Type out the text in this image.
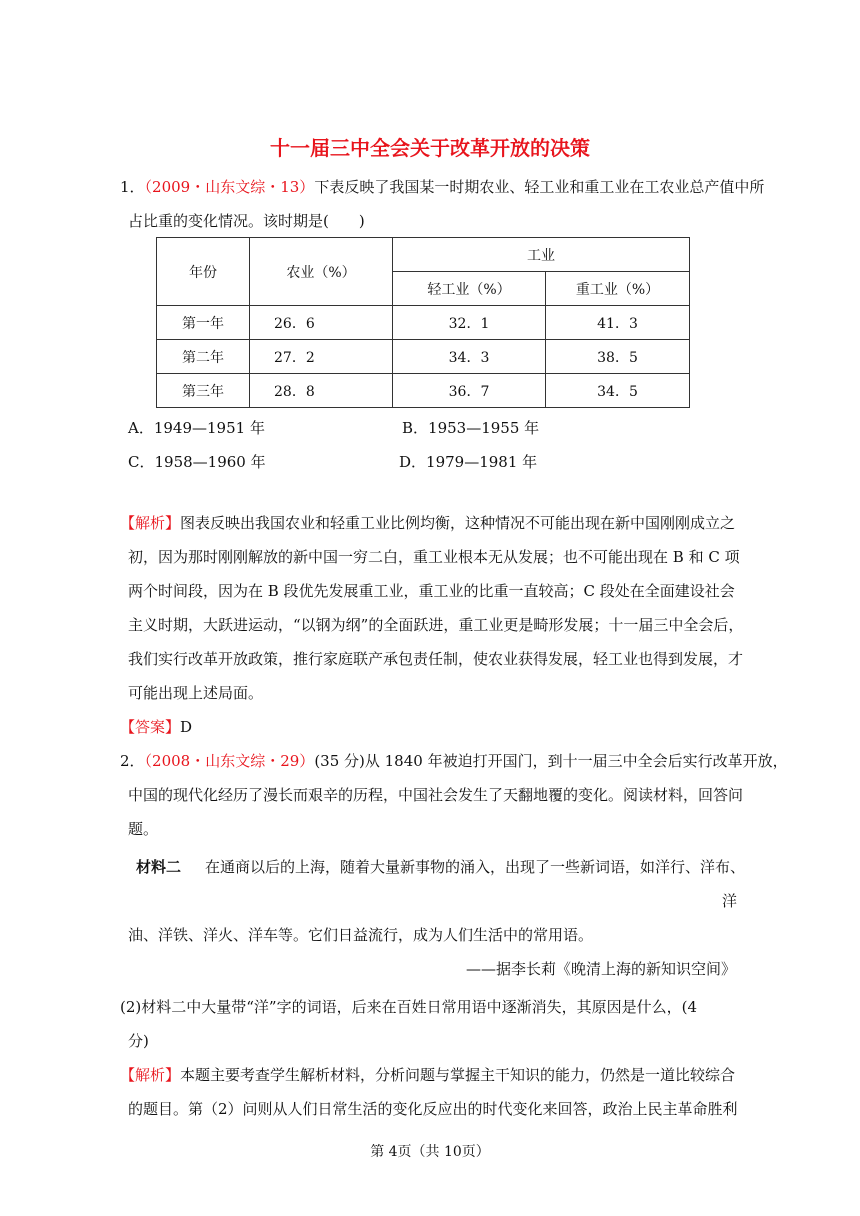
十一届三中全会关于改革开放的决策
1．（2009・山东文综・13）下表反映了我国某一时期农业、轻工业和重工业在工农业总产值中所
占比重的变化情况。该时期是(　　)
年份	农业（%）	工业	
		轻工业（%）	重工业（%）
第一年	26．6	32．1	41．3
第二年	27．2	34．3	38．5
第三年	28．8	36．7	34．5
A．1949—1951 年	B．1953—1955 年
C．1958—1960 年	D．1979—1981 年
【解析】图表反映出我国农业和轻重工业比例均衡，这种情况不可能出现在新中国刚刚成立之
初，因为那时刚刚解放的新中国一穷二白，重工业根本无从发展；也不可能出现在 B 和 C 项
两个时间段，因为在 B 段优先发展重工业，重工业的比重一直较高；C 段处在全面建设社会
主义时期，大跃进运动，“以钢为纲”的全面跃进，重工业更是畸形发展；十一届三中全会后，
我们实行改革开放政策，推行家庭联产承包责任制，使农业获得发展，轻工业也得到发展，才
可能出现上述局面。
【答案】D
2．（2008・山东文综・29）(35 分)从 1840 年被迫打开国门，到十一届三中全会后实行改革开放，
中国的现代化经历了漫长而艰辛的历程，中国社会发生了天翻地覆的变化。阅读材料，回答问
题。
材料二 在通商以后的上海，随着大量新事物的涌入，出现了一些新词语，如洋行、洋布、
洋
油、洋铁、洋火、洋车等。它们日益流行，成为人们生活中的常用语。
——据李长莉《晚清上海的新知识空间》
(2)材料二中大量带“洋”字的词语，后来在百姓日常用语中逐渐消失，其原因是什么，(4
分)
【解析】本题主要考查学生解析材料，分析问题与掌握主干知识的能力，仍然是一道比较综合
的题目。第（2）问则从人们日常生活的变化反应出的时代变化来回答，政治上民主革命胜利
第 4页（共 10页）
